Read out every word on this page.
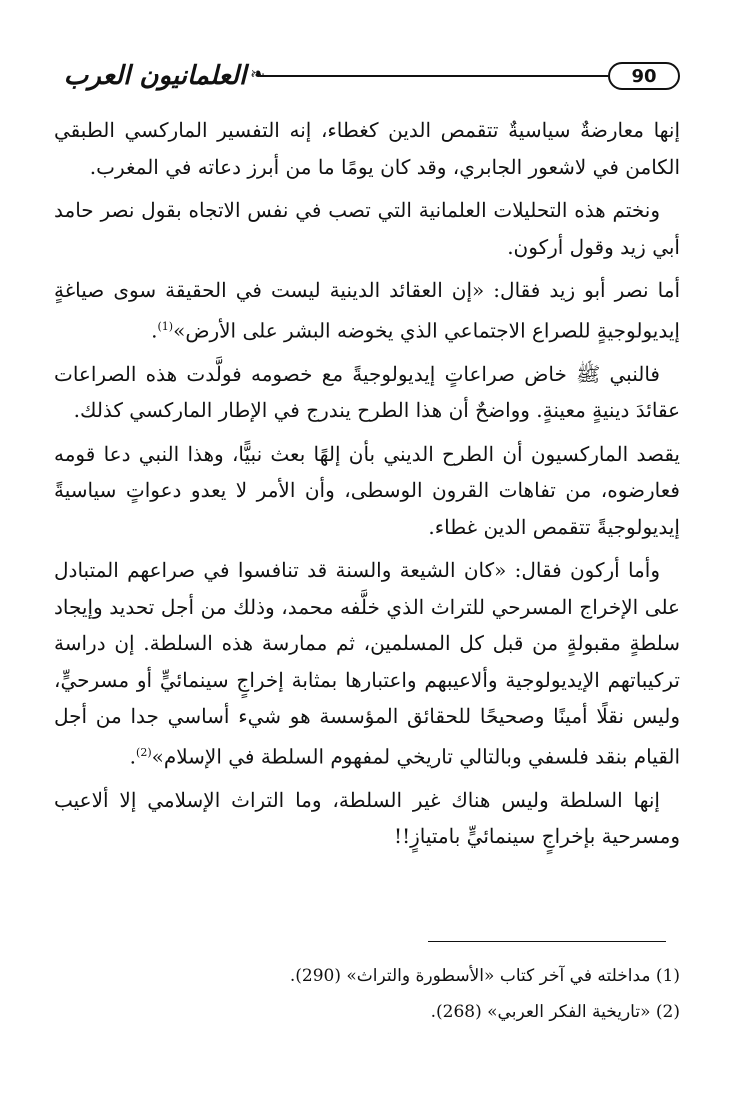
العلمانيون العرب ❧	90

إنها معارضةٌ سياسيةٌ تتقمص الدين كغطاء، إنه التفسير الماركسي الطبقي الكامن في لاشعور الجابري، وقد كان يومًا ما من أبرز دعاته في المغرب.

ونختم هذه التحليلات العلمانية التي تصب في نفس الاتجاه بقول نصر حامد أبي زيد وقول أركون.

أما نصر أبو زيد فقال: «إن العقائد الدينية ليست في الحقيقة سوى صياغةٍ إيديولوجيةٍ للصراع الاجتماعي الذي يخوضه البشر على الأرض»$^{(1)}$.

فالنبي ﷺ خاض صراعاتٍ إيديولوجيةً مع خصومه فولَّدت هذه الصراعات عقائدَ دينيةٍ معينةٍ. وواضحٌ أن هذا الطرح يندرج في الإطار الماركسي كذلك.

يقصد الماركسيون أن الطرح الديني بأن إلهًا بعث نبيًّا، وهذا النبي دعا قومه فعارضوه، من تفاهات القرون الوسطى، وأن الأمر لا يعدو دعواتٍ سياسيةً إيديولوجيةً تتقمص الدين غطاء.

وأما أركون فقال: «كان الشيعة والسنة قد تنافسوا في صراعهم المتبادل على الإخراج المسرحي للتراث الذي خلَّفه محمد، وذلك من أجل تحديد وإيجاد سلطةٍ مقبولةٍ من قبل كل المسلمين، ثم ممارسة هذه السلطة. إن دراسة تركيباتهم الإيديولوجية وألاعيبهم واعتبارها بمثابة إخراجٍ سينمائيٍّ أو مسرحيٍّ، وليس نقلًا أمينًا وصحيحًا للحقائق المؤسسة هو شيء أساسي جدا من أجل القيام بنقد فلسفي وبالتالي تاريخي لمفهوم السلطة في الإسلام»$^{(2)}$.

إنها السلطة وليس هناك غير السلطة، وما التراث الإسلامي إلا ألاعيب ومسرحية بإخراجٍ سينمائيٍّ بامتيازٍ!!

(1) مداخلته في آخر كتاب «الأسطورة والتراث» (290).

(2) «تاريخية الفكر العربي» (268).
